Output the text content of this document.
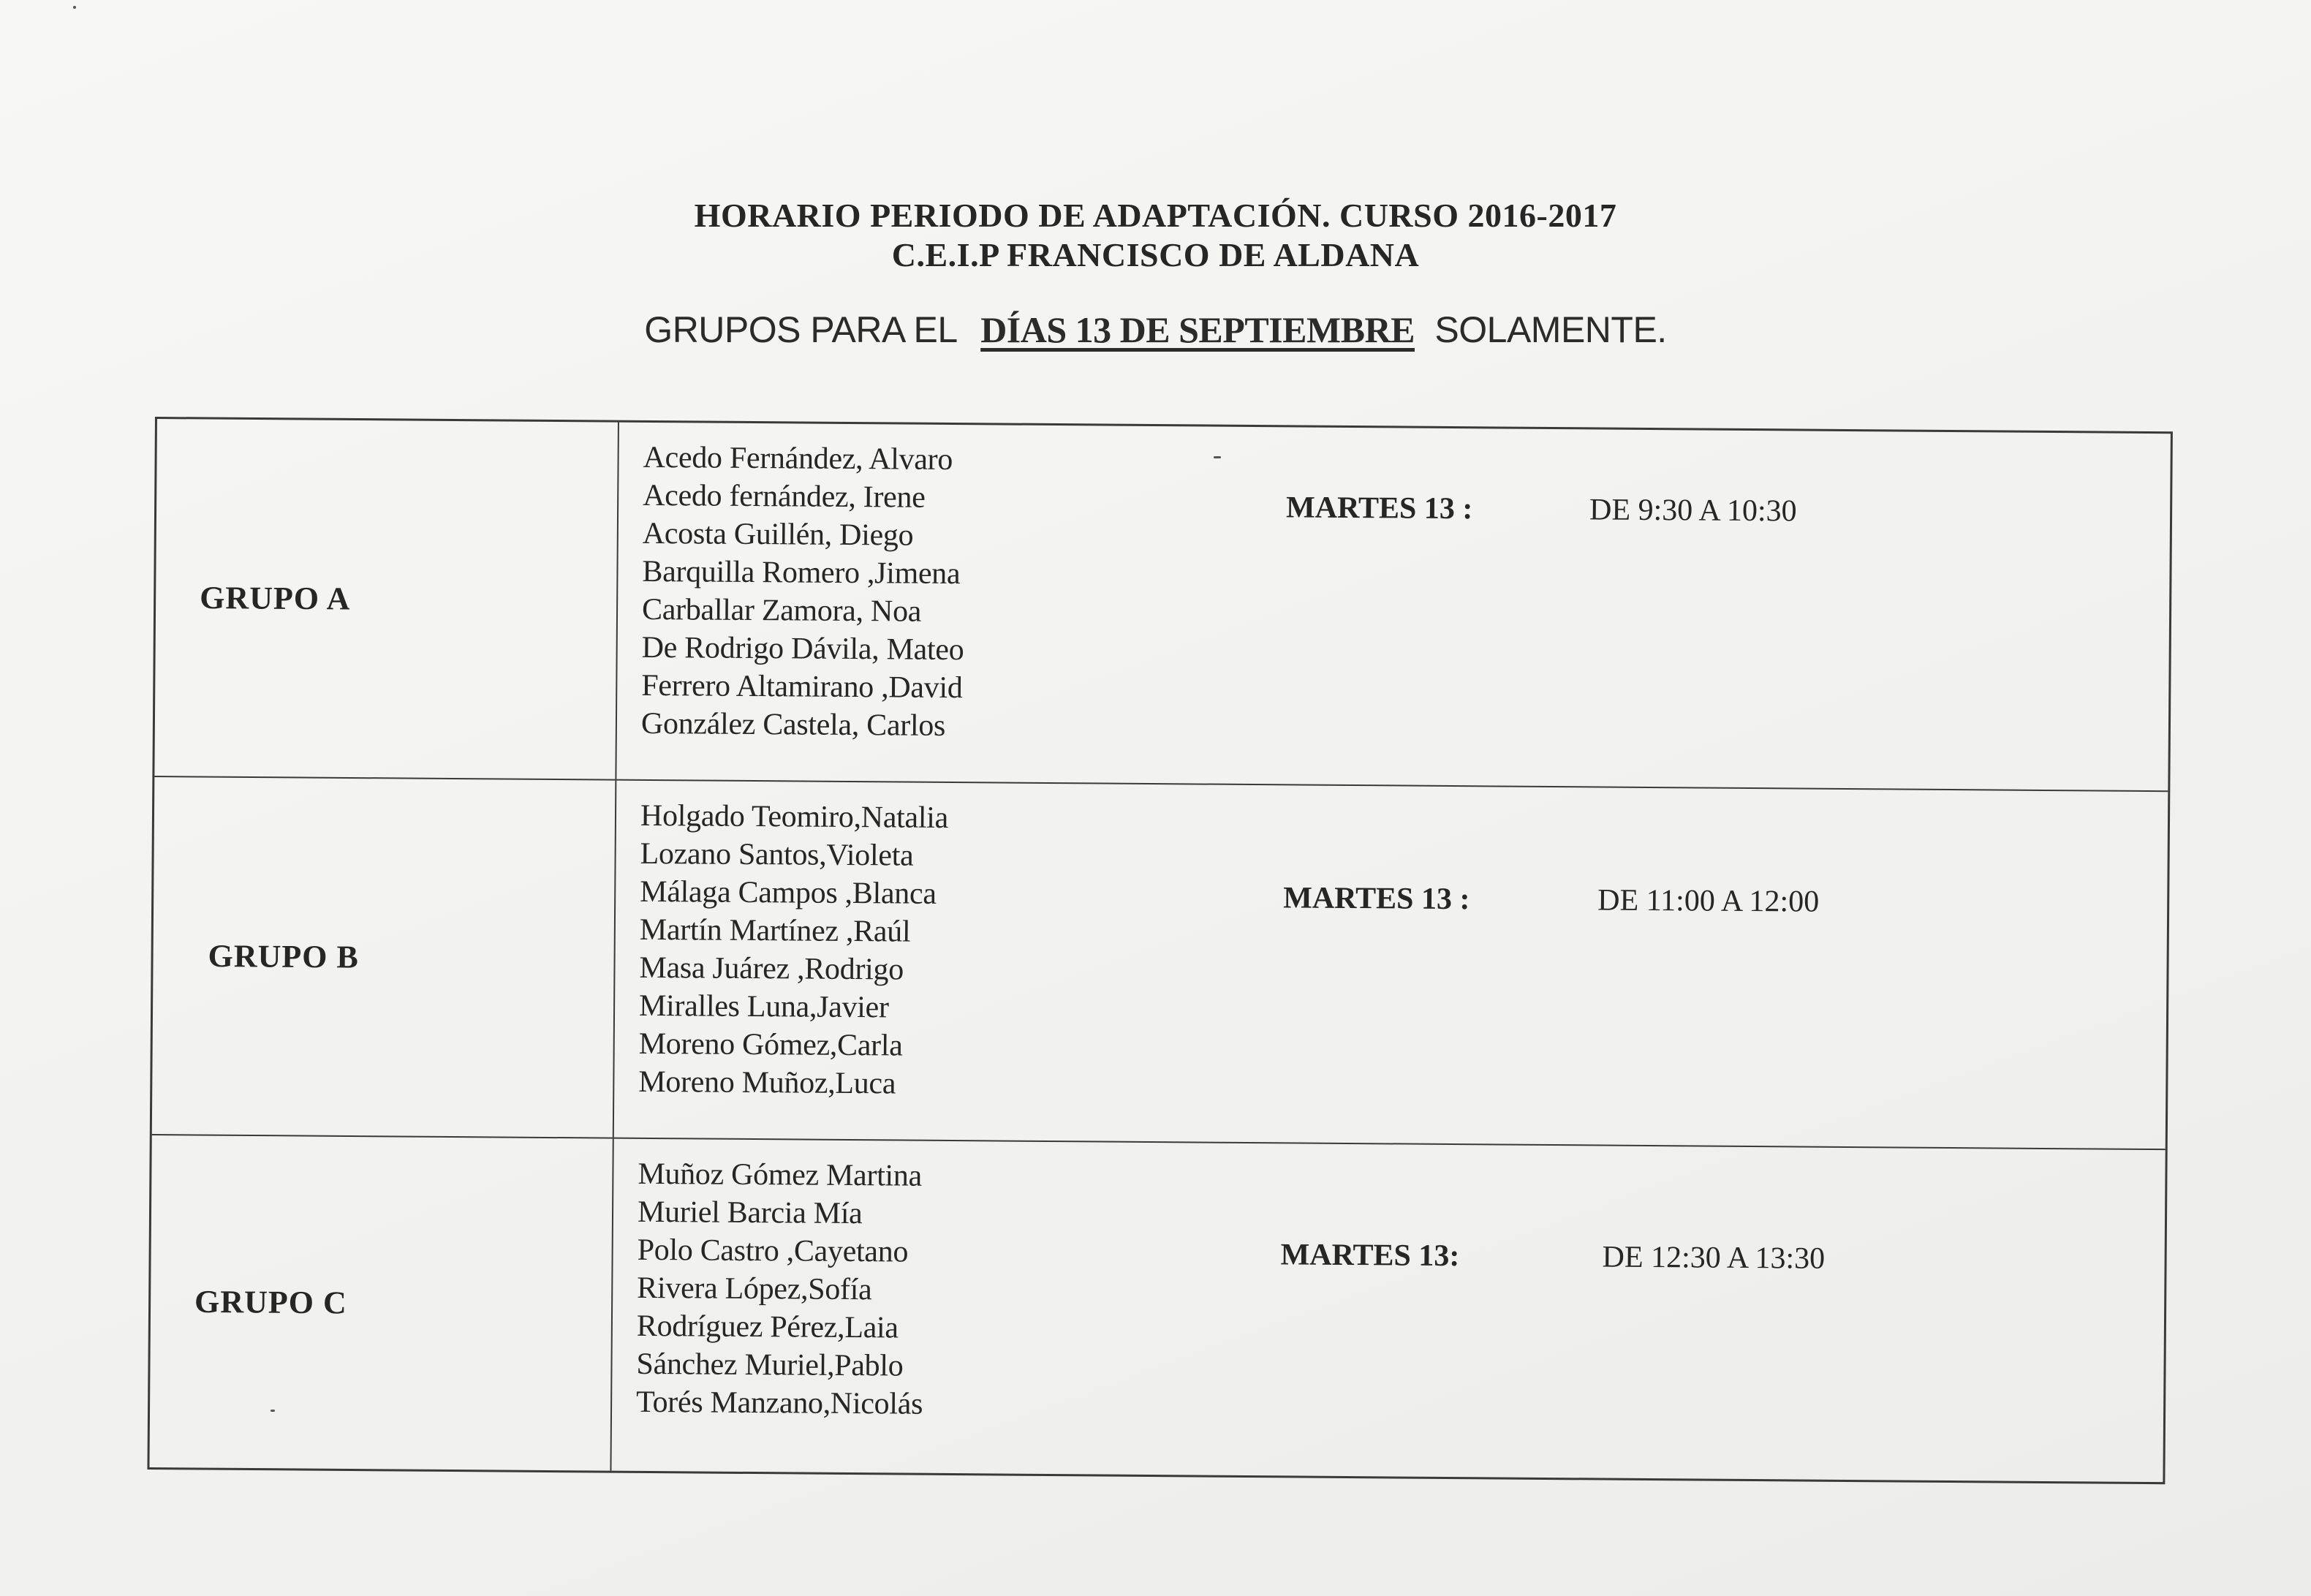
HORARIO PERIODO DE ADAPTACIÓN. CURSO 2016-2017
C.E.I.P FRANCISCO DE ALDANA
GRUPOS PARA EL DÍAS 13 DE SEPTIEMBRE SOLAMENTE.
GRUPO A
Acedo Fernández, Alvaro
Acedo fernández, Irene
Acosta Guillén, Diego
Barquilla Romero ,Jimena
Carballar Zamora, Noa
De Rodrigo Dávila, Mateo
Ferrero Altamirano ,David
González Castela, Carlos
MARTES 13 :	DE 9:30 A 10:30
GRUPO B
Holgado Teomiro,Natalia
Lozano Santos,Violeta
Málaga Campos ,Blanca
Martín Martínez ,Raúl
Masa Juárez ,Rodrigo
Miralles Luna,Javier
Moreno Gómez,Carla
Moreno Muñoz,Luca
MARTES 13 :	DE 11:00 A 12:00
GRUPO C
Muñoz Gómez Martina
Muriel Barcia Mía
Polo Castro ,Cayetano
Rivera López,Sofía
Rodríguez Pérez,Laia
Sánchez Muriel,Pablo
Torés Manzano,Nicolás
MARTES 13:	DE 12:30 A 13:30
